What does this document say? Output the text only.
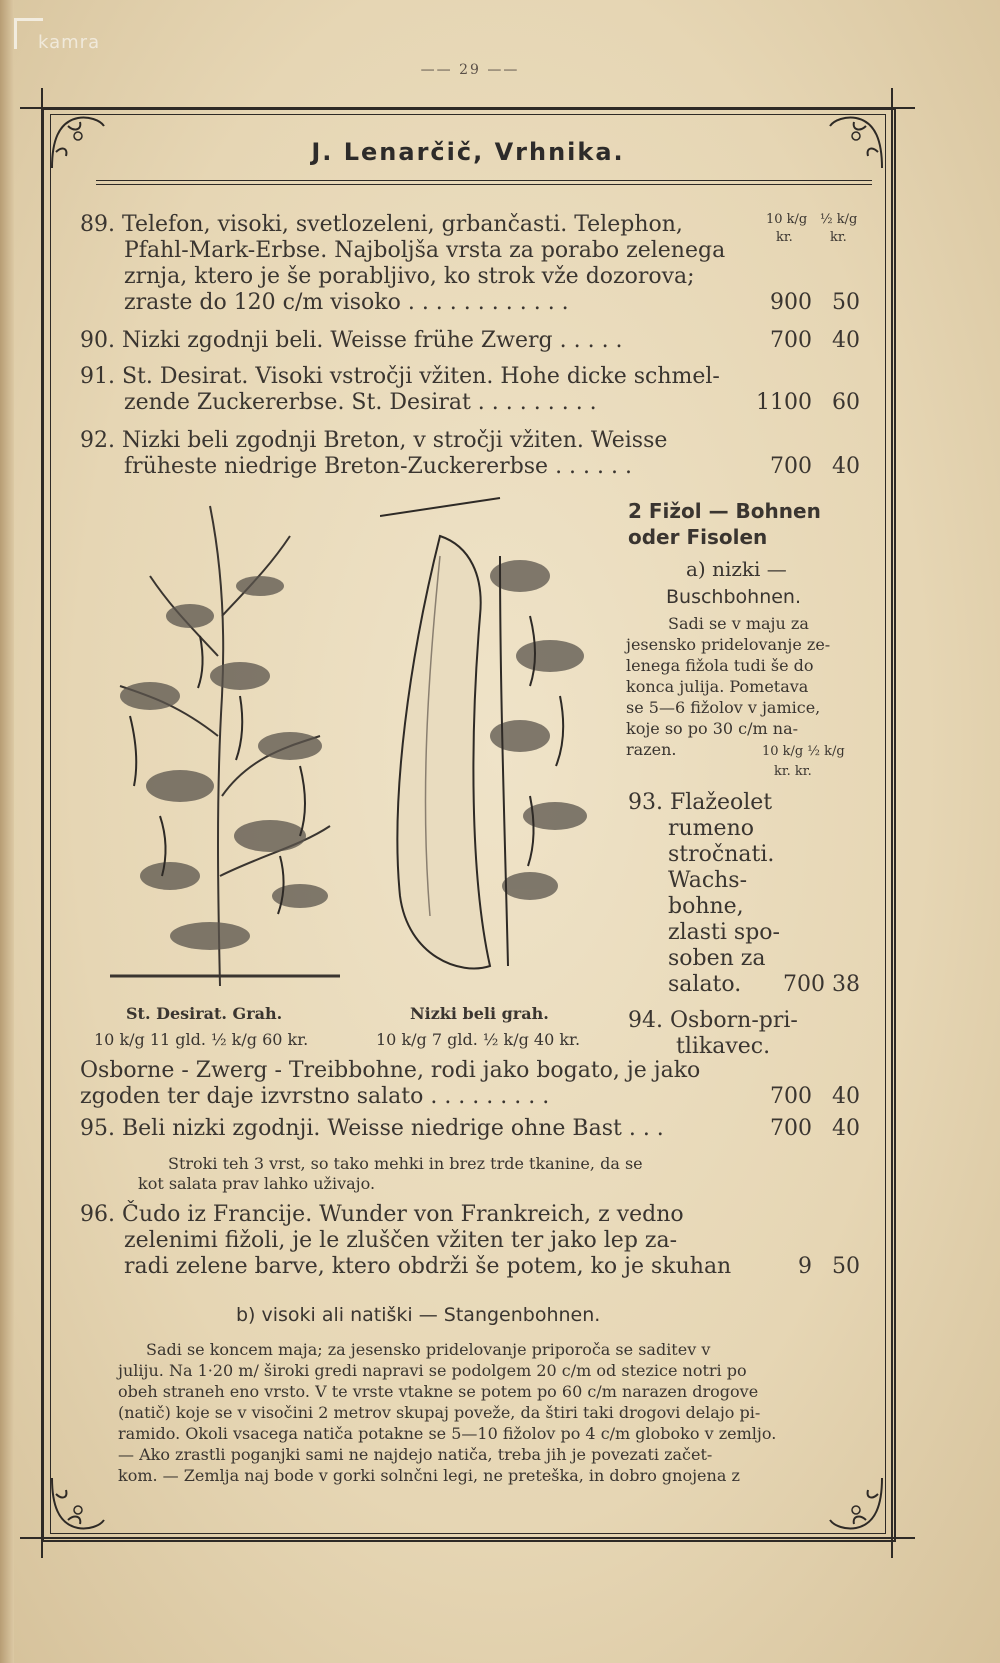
kamra
—— 29 ——
J. Lenarčič, Vrhnika.
10 k/g ½ k/g
kr.	kr.
89. Telefon, visoki, svetlozeleni, grbančasti. Telephon,
Pfahl-Mark-Erbse. Najboljša vrsta za porabo zelenega
zrnja, ktero je še porabljivo, ko strok vže dozorova;
zraste do 120 c/m visoko . . . . . . . . . . . .	900 50
90. Nizki zgodnji beli. Weisse frühe Zwerg . . . . .	700 40
91. St. Desirat. Visoki vstročji vžiten. Hohe dicke schmel-
zende Zuckererbse. St. Desirat . . . . . . . . .	1100 60
92. Nizki beli zgodnji Breton, v stročji vžiten. Weisse
früheste niedrige Breton-Zuckererbse . . . . . .	700 40
St. Desirat. Grah.
10 k/g 11 gld. ½ k/g 60 kr.
Nizki beli grah.
10 k/g 7 gld. ½ k/g 40 kr.
2 Fižol — Bohnen
oder Fisolen
a) nizki —
Buschbohnen.
Sadi se v maju za
jesensko pridelovanje ze-
lenega fižola tudi še do
konca julija. Pometava
se 5—6 fižolov v jamice,
koje so po 30 c/m na-
razen.	10 k/g ½ k/g
kr. kr.
93. Flažeolet
rumeno
stročnati.
Wachs-
bohne,
zlasti spo-
soben za
salato.	700 38
94. Osborn-pri-
tlikavec.
Osborne - Zwerg - Treibbohne, rodi jako bogato, je jako
zgoden ter daje izvrstno salato . . . . . . . . .	700 40
95. Beli nizki zgodnji. Weisse niedrige ohne Bast . . .	700 40
Stroki teh 3 vrst, so tako mehki in brez trde tkanine, da se
kot salata prav lahko uživajo.
96. Čudo iz Francije. Wunder von Frankreich, z vedno
zelenimi fižoli, je le zluščen vžiten ter jako lep za-
radi zelene barve, ktero obdrži še potem, ko je skuhan	9 50
b) visoki ali natiški — Stangenbohnen.
Sadi se koncem maja; za jesensko pridelovanje priporoča se saditev v
juliju. Na 1·20 m/ široki gredi napravi se podolgem 20 c/m od stezice notri po
obeh straneh eno vrsto. V te vrste vtakne se potem po 60 c/m narazen drogove
(natič) koje se v visočini 2 metrov skupaj poveže, da štiri taki drogovi delajo pi-
ramido. Okoli vsacega natiča potakne se 5—10 fižolov po 4 c/m globoko v zemljo.
— Ako zrastli poganjki sami ne najdejo natiča, treba jih je povezati začet-
kom. — Zemlja naj bode v gorki solnčni legi, ne preteška, in dobro gnojena z
